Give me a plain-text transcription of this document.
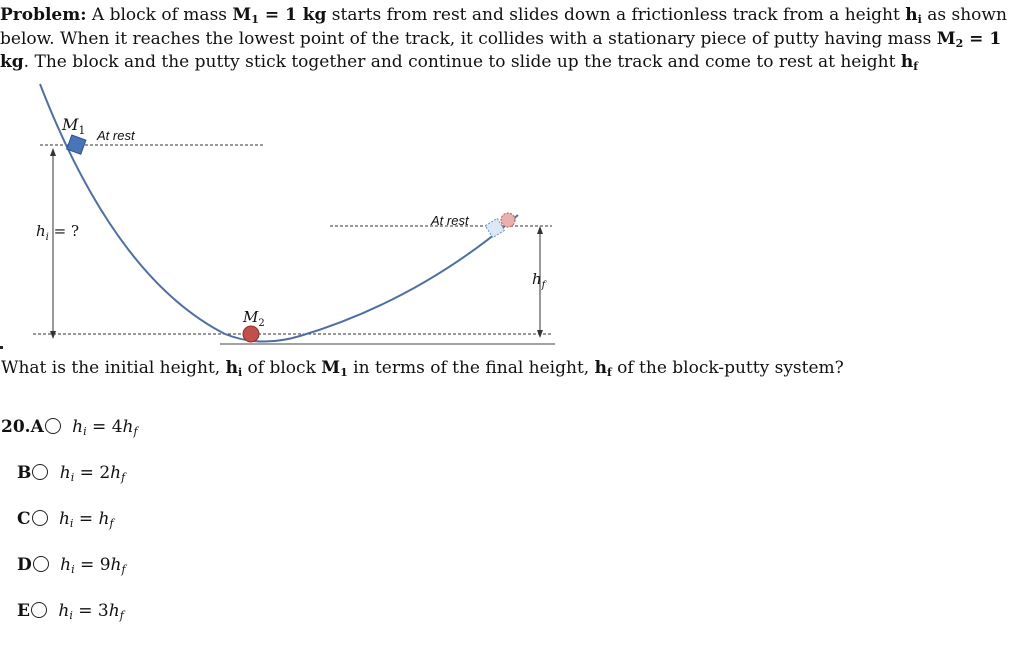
Problem: A block of mass $M_1 = 1$ kg starts from rest and slides down a frictionless track from a height $h_i$ as shown below. When it reaches the lowest point of the track, it collides with a stationary piece of putty having mass $M_2 = 1$ kg. The block and the putty stick together and continue to slide up the track and come to rest at height $h_f$
$M_1$ At rest
$h_i$ = ?
At rest
$h_f$
$M_2$
What is the initial height, $h_i$ of block $M_1$ in terms of the final height, $h_f$ of the block-putty system?
20.A $h_i = 4h_f$
B $h_i = 2h_f$
C $h_i = h_f$
D $h_i = 9h_f$
E $h_i = 3h_f$
